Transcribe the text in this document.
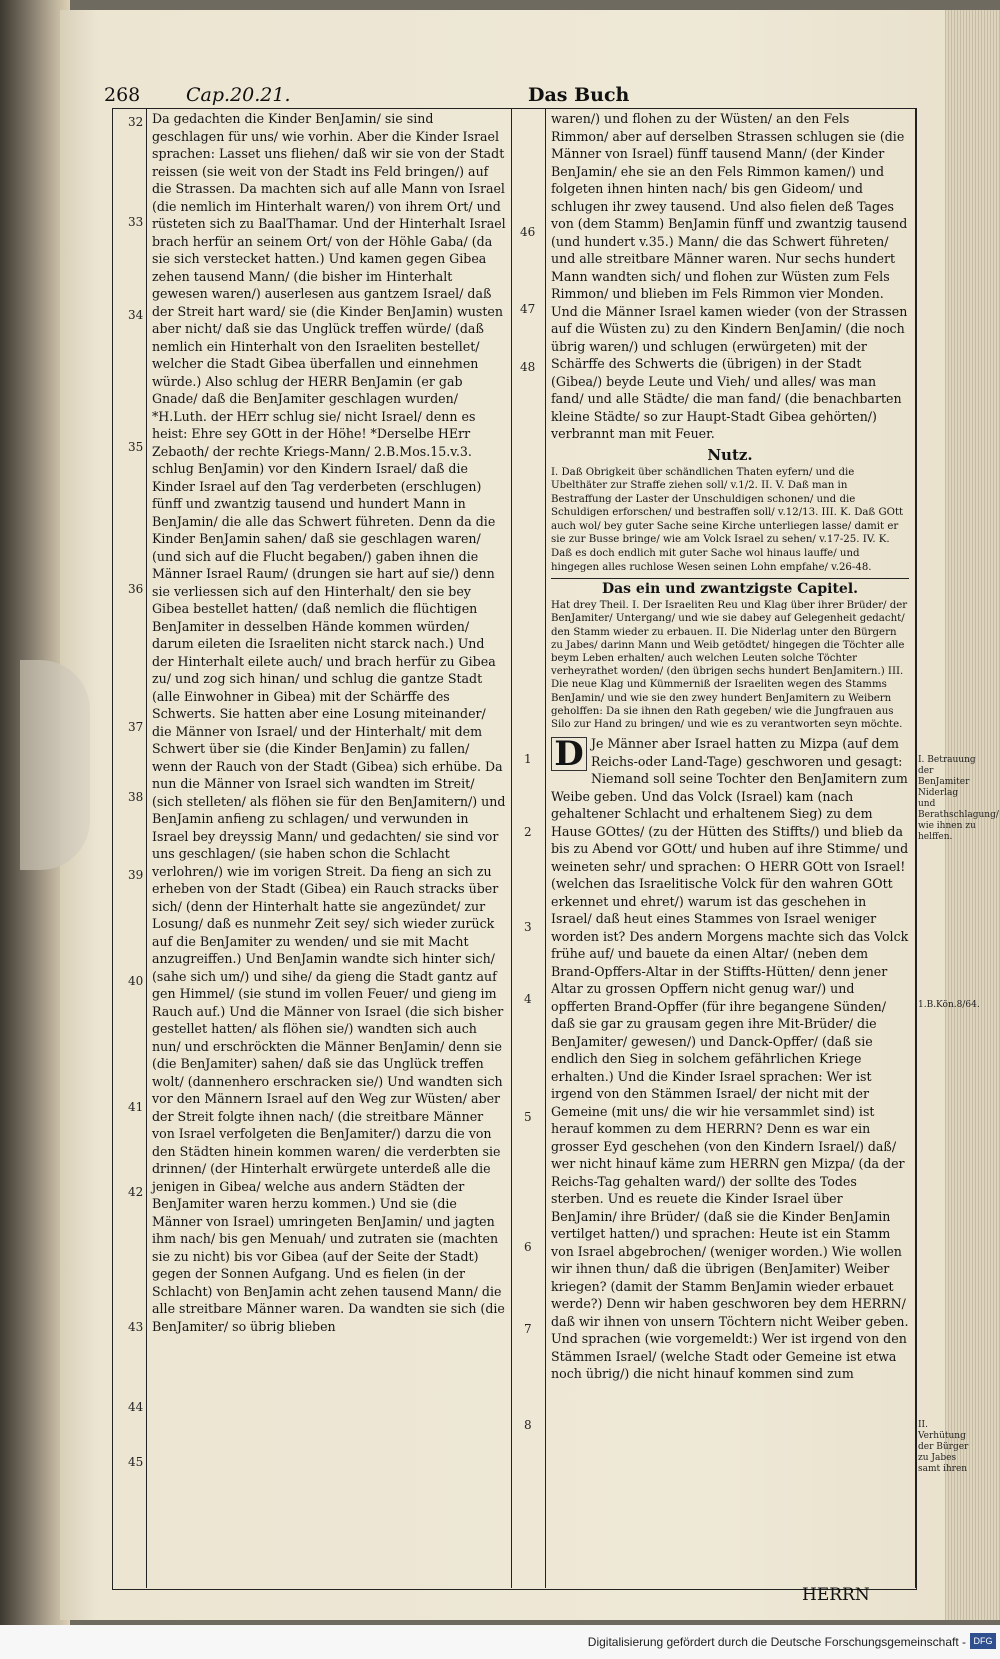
268 Cap.20.21.	Das Buch
32
33
34
35
36
37
38
39
40
41
42
43
44
45

Da gedachten die Kinder BenJamin/ sie sind geschlagen für uns/ wie vorhin. Aber die Kinder Israel sprachen: Lasset uns fliehen/ daß wir sie von der Stadt reissen (sie weit von der Stadt ins Feld bringen/) auf die Strassen. Da machten sich auf alle Mann von Israel (die nemlich im Hinterhalt waren/) von ihrem Ort/ und rüsteten sich zu BaalThamar. Und der Hinterhalt Israel brach herfür an seinem Ort/ von der Höhle Gaba/ (da sie sich verstecket hatten.) Und kamen gegen Gibea zehen tausend Mann/ (die bisher im Hinterhalt gewesen waren/) auserlesen aus gantzem Israel/ daß der Streit hart ward/ sie (die Kinder BenJamin) wusten aber nicht/ daß sie das Unglück treffen würde/ (daß nemlich ein Hinterhalt von den Israeliten bestellet/ welcher die Stadt Gibea überfallen und einnehmen würde.) Also schlug der HERR BenJamin (er gab Gnade/ daß die BenJamiter geschlagen wurden/ *H.Luth. der HErr schlug sie/ nicht Israel/ denn es heist: Ehre sey GOtt in der Höhe! *Derselbe HErr Zebaoth/ der rechte Kriegs-Mann/ 2.B.Mos.15.v.3. schlug BenJamin) vor den Kindern Israel/ daß die Kinder Israel auf den Tag verderbeten (erschlugen) fünff und zwantzig tausend und hundert Mann in BenJamin/ die alle das Schwert führeten. Denn da die Kinder BenJamin sahen/ daß sie geschlagen waren/ (und sich auf die Flucht begaben/) gaben ihnen die Männer Israel Raum/ (drungen sie hart auf sie/) denn sie verliessen sich auf den Hinterhalt/ den sie bey Gibea bestellet hatten/ (daß nemlich die flüchtigen BenJamiter in desselben Hände kommen würden/ darum eileten die Israeliten nicht starck nach.) Und der Hinterhalt eilete auch/ und brach herfür zu Gibea zu/ und zog sich hinan/ und schlug die gantze Stadt (alle Einwohner in Gibea) mit der Schärffe des Schwerts. Sie hatten aber eine Losung miteinander/ die Männer von Israel/ und der Hinterhalt/ mit dem Schwert über sie (die Kinder BenJamin) zu fallen/ wenn der Rauch von der Stadt (Gibea) sich erhübe. Da nun die Männer von Israel sich wandten im Streit/ (sich stelleten/ als flöhen sie für den BenJamitern/) und BenJamin anfieng zu schlagen/ und verwunden in Israel bey dreyssig Mann/ und gedachten/ sie sind vor uns geschlagen/ (sie haben schon die Schlacht verlohren/) wie im vorigen Streit. Da fieng an sich zu erheben von der Stadt (Gibea) ein Rauch stracks über sich/ (denn der Hinterhalt hatte sie angezündet/ zur Losung/ daß es nunmehr Zeit sey/ sich wieder zurück auf die BenJamiter zu wenden/ und sie mit Macht anzugreiffen.) Und BenJamin wandte sich hinter sich/ (sahe sich um/) und sihe/ da gieng die Stadt gantz auf gen Himmel/ (sie stund im vollen Feuer/ und gieng im Rauch auf.) Und die Männer von Israel (die sich bisher gestellet hatten/ als flöhen sie/) wandten sich auch nun/ und erschröckten die Männer BenJamin/ denn sie (die BenJamiter) sahen/ daß sie das Unglück treffen wolt/ (dannenhero erschracken sie/) Und wandten sich vor den Männern Israel auf den Weg zur Wüsten/ aber der Streit folgte ihnen nach/ (die streitbare Männer von Israel verfolgeten die BenJamiter/) darzu die von den Städten hinein kommen waren/ die verderbten sie drinnen/ (der Hinterhalt erwürgete unterdeß alle die jenigen in Gibea/ welche aus andern Städten der BenJamiter waren herzu kommen.) Und sie (die Männer von Israel) umringeten BenJamin/ und jagten ihm nach/ bis gen Menuah/ und zutraten sie (machten sie zu nicht) bis vor Gibea (auf der Seite der Stadt) gegen der Sonnen Aufgang. Und es fielen (in der Schlacht) von BenJamin acht zehen tausend Mann/ die alle streitbare Männer waren. Da wandten sie sich (die BenJamiter/ so übrig blieben

46
47
48
1
2
3
4
5
6
7
8

waren/) und flohen zu der Wüsten/ an den Fels Rimmon/ aber auf derselben Strassen schlugen sie (die Männer von Israel) fünff tausend Mann/ (der Kinder BenJamin/ ehe sie an den Fels Rimmon kamen/) und folgeten ihnen hinten nach/ bis gen Gideom/ und schlugen ihr zwey tausend. Und also fielen deß Tages von (dem Stamm) BenJamin fünff und zwantzig tausend (und hundert v.35.) Mann/ die das Schwert führeten/ und alle streitbare Männer waren. Nur sechs hundert Mann wandten sich/ und flohen zur Wüsten zum Fels Rimmon/ und blieben im Fels Rimmon vier Monden. Und die Männer Israel kamen wieder (von der Strassen auf die Wüsten zu) zu den Kindern BenJamin/ (die noch übrig waren/) und schlugen (erwürgeten) mit der Schärffe des Schwerts die (übrigen) in der Stadt (Gibea/) beyde Leute und Vieh/ und alles/ was man fand/ und alle Städte/ die man fand/ (die benachbarten kleine Städte/ so zur Haupt-Stadt Gibea gehörten/) verbrannt man mit Feuer.

Nutz.

I. Daß Obrigkeit über schändlichen Thaten eyfern/ und die Ubelthäter zur Straffe ziehen soll/ v.1/2. II. V. Daß man in Bestraffung der Laster der Unschuldigen schonen/ und die Schuldigen erforschen/ und bestraffen soll/ v.12/13. III. K. Daß GOtt auch wol/ bey guter Sache seine Kirche unterliegen lasse/ damit er sie zur Busse bringe/ wie am Volck Israel zu sehen/ v.17-25. IV. K. Daß es doch endlich mit guter Sache wol hinaus lauffe/ und hingegen alles ruchlose Wesen seinen Lohn empfahe/ v.26-48.

Das ein und zwantzigste Capitel.

Hat drey Theil. I. Der Israeliten Reu und Klag über ihrer Brüder/ der BenJamiter/ Untergang/ und wie sie dabey auf Gelegenheit gedacht/ den Stamm wieder zu erbauen. II. Die Niderlag unter den Bürgern zu Jabes/ darinn Mann und Weib getödtet/ hingegen die Töchter alle beym Leben erhalten/ auch welchen Leuten solche Töchter verheyrathet worden/ (den übrigen sechs hundert BenJamitern.) III. Die neue Klag und Kümmerniß der Israeliten wegen des Stamms BenJamin/ und wie sie den zwey hundert BenJamitern zu Weibern geholffen: Da sie ihnen den Rath gegeben/ wie die Jungfrauen aus Silo zur Hand zu bringen/ und wie es zu verantworten seyn möchte.

D Je Männer aber Israel hatten zu Mizpa (auf dem Reichs-oder Land-Tage) geschworen und gesagt: Niemand soll seine Tochter den BenJamitern zum Weibe geben. Und das Volck (Israel) kam (nach gehaltener Schlacht und erhaltenem Sieg) zu dem Hause GOttes/ (zu der Hütten des Stiffts/) und blieb da bis zu Abend vor GOtt/ und huben auf ihre Stimme/ und weineten sehr/ und sprachen: O HERR GOtt von Israel! (welchen das Israelitische Volck für den wahren GOtt erkennet und ehret/) warum ist das geschehen in Israel/ daß heut eines Stammes von Israel weniger worden ist? Des andern Morgens machte sich das Volck frühe auf/ und bauete da einen Altar/ (neben dem Brand-Opffers-Altar in der Stiffts-Hütten/ denn jener Altar zu grossen Opffern nicht genug war/) und opfferten Brand-Opffer (für ihre begangene Sünden/ daß sie gar zu grausam gegen ihre Mit-Brüder/ die BenJamiter/ gewesen/) und Danck-Opffer/ (daß sie endlich den Sieg in solchem gefährlichen Kriege erhalten.) Und die Kinder Israel sprachen: Wer ist irgend von den Stämmen Israel/ der nicht mit der Gemeine (mit uns/ die wir hie versammlet sind) ist herauf kommen zu dem HERRN? Denn es war ein grosser Eyd geschehen (von den Kindern Israel/) daß/ wer nicht hinauf käme zum HERRN gen Mizpa/ (da der Reichs-Tag gehalten ward/) der sollte des Todes sterben. Und es reuete die Kinder Israel über BenJamin/ ihre Brüder/ (daß sie die Kinder BenJamin vertilget hatten/) und sprachen: Heute ist ein Stamm von Israel abgebrochen/ (weniger worden.) Wie wollen wir ihnen thun/ daß die übrigen (BenJamiter) Weiber kriegen? (damit der Stamm BenJamin wieder erbauet werde?) Denn wir haben geschworen bey dem HERRN/ daß wir ihnen von unsern Töchtern nicht Weiber geben. Und sprachen (wie vorgemeldt:) Wer ist irgend von den Stämmen Israel/ (welche Stadt oder Gemeine ist etwa noch übrig/) die nicht hinauf kommen sind zum

I. Betrauung der BenJamiter Niderlag und Berathschlagung/ wie ihnen zu helffen.
1.B.Kön.8/64.
II. Verhütung der Bürger zu Jabes samt ihren
HERRN
Digitalisierung gefördert durch die Deutsche Forschungsgemeinschaft - DFG
